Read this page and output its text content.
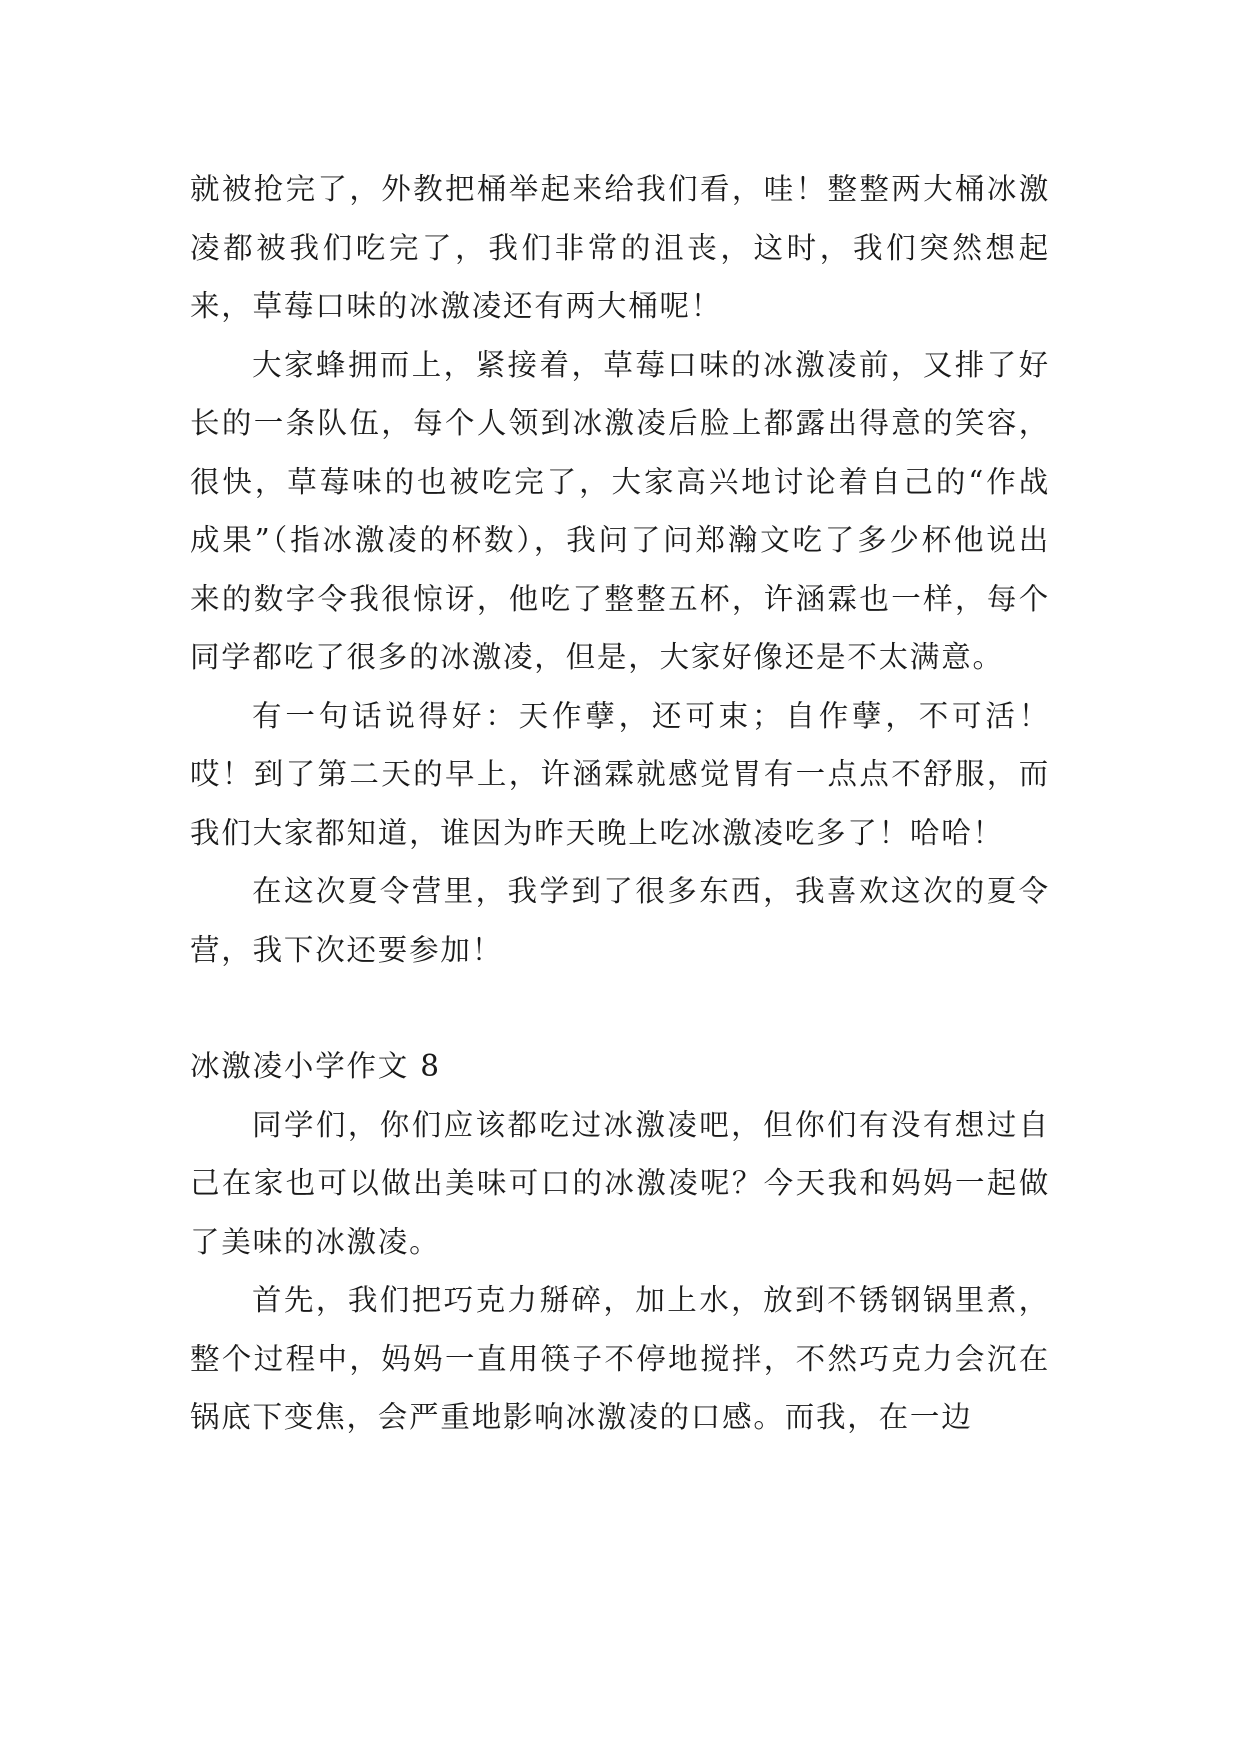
就被抢完了，外教把桶举起来给我们看，哇！整整两大桶冰激凌都被我们吃完了，我们非常的沮丧，这时，我们突然想起来，草莓口味的冰激凌还有两大桶呢！

大家蜂拥而上，紧接着，草莓口味的冰激凌前，又排了好长的一条队伍，每个人领到冰激凌后脸上都露出得意的笑容，很快，草莓味的也被吃完了，大家高兴地讨论着自己的“作战成果”（指冰激凌的杯数），我问了问郑瀚文吃了多少杯他说出来的数字令我很惊讶，他吃了整整五杯，许涵霖也一样，每个同学都吃了很多的冰激凌，但是，大家好像还是不太满意。

有一句话说得好：天作孽，还可束；自作孽，不可活！哎！到了第二天的早上，许涵霖就感觉胃有一点点不舒服，而我们大家都知道，谁因为昨天晚上吃冰激凌吃多了！哈哈！

在这次夏令营里，我学到了很多东西，我喜欢这次的夏令营，我下次还要参加！

冰激凌小学作文 8

同学们，你们应该都吃过冰激凌吧，但你们有没有想过自己在家也可以做出美味可口的冰激凌呢？今天我和妈妈一起做了美味的冰激凌。

首先，我们把巧克力掰碎，加上水，放到不锈钢锅里煮，整个过程中，妈妈一直用筷子不停地搅拌，不然巧克力会沉在锅底下变焦，会严重地影响冰激凌的口感。而我，在一边
